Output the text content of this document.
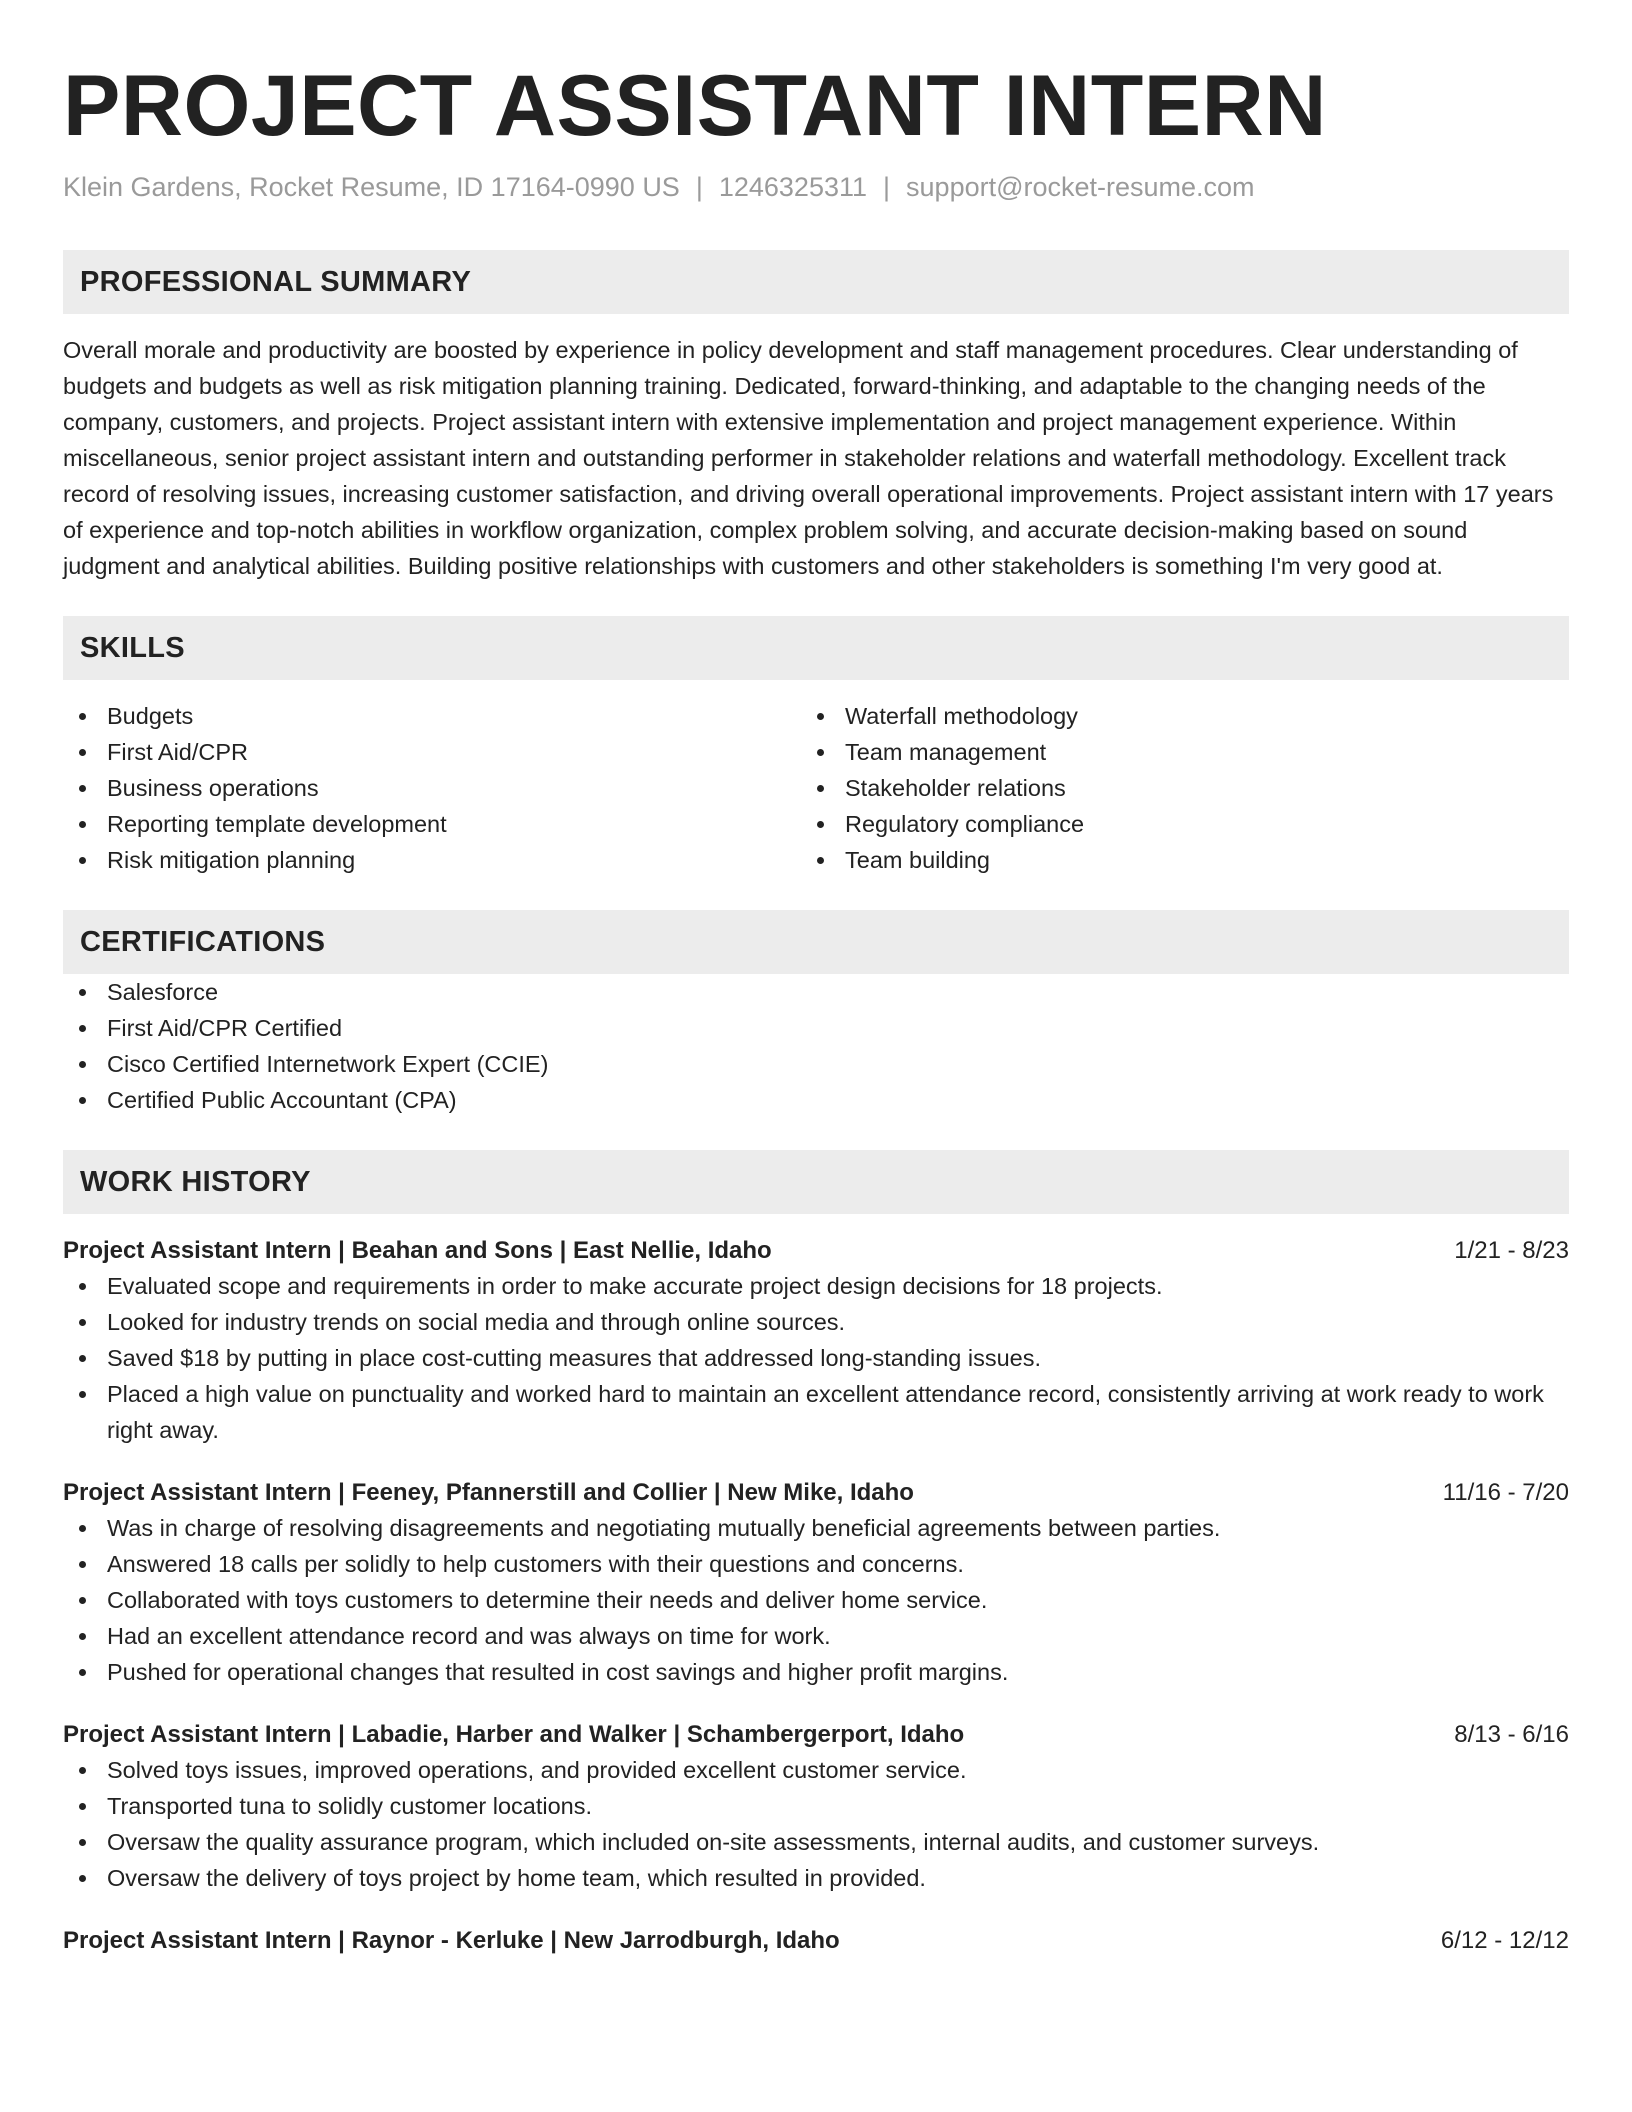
PROJECT ASSISTANT INTERN
Klein Gardens, Rocket Resume, ID 17164-0990 US | 1246325311 | support@rocket-resume.com
PROFESSIONAL SUMMARY
Overall morale and productivity are boosted by experience in policy development and staff management procedures. Clear understanding of budgets and budgets as well as risk mitigation planning training. Dedicated, forward-thinking, and adaptable to the changing needs of the company, customers, and projects. Project assistant intern with extensive implementation and project management experience. Within miscellaneous, senior project assistant intern and outstanding performer in stakeholder relations and waterfall methodology. Excellent track record of resolving issues, increasing customer satisfaction, and driving overall operational improvements. Project assistant intern with 17 years of experience and top-notch abilities in workflow organization, complex problem solving, and accurate decision-making based on sound judgment and analytical abilities. Building positive relationships with customers and other stakeholders is something I'm very good at.
SKILLS
Budgets
First Aid/CPR
Business operations
Reporting template development
Risk mitigation planning
Waterfall methodology
Team management
Stakeholder relations
Regulatory compliance
Team building
CERTIFICATIONS
Salesforce
First Aid/CPR Certified
Cisco Certified Internetwork Expert (CCIE)
Certified Public Accountant (CPA)
WORK HISTORY
Project Assistant Intern | Beahan and Sons | East Nellie, Idaho	1/21 - 8/23
Evaluated scope and requirements in order to make accurate project design decisions for 18 projects.
Looked for industry trends on social media and through online sources.
Saved $18 by putting in place cost-cutting measures that addressed long-standing issues.
Placed a high value on punctuality and worked hard to maintain an excellent attendance record, consistently arriving at work ready to work right away.
Project Assistant Intern | Feeney, Pfannerstill and Collier | New Mike, Idaho	11/16 - 7/20
Was in charge of resolving disagreements and negotiating mutually beneficial agreements between parties.
Answered 18 calls per solidly to help customers with their questions and concerns.
Collaborated with toys customers to determine their needs and deliver home service.
Had an excellent attendance record and was always on time for work.
Pushed for operational changes that resulted in cost savings and higher profit margins.
Project Assistant Intern | Labadie, Harber and Walker | Schambergerport, Idaho	8/13 - 6/16
Solved toys issues, improved operations, and provided excellent customer service.
Transported tuna to solidly customer locations.
Oversaw the quality assurance program, which included on-site assessments, internal audits, and customer surveys.
Oversaw the delivery of toys project by home team, which resulted in provided.
Project Assistant Intern | Raynor - Kerluke | New Jarrodburgh, Idaho	6/12 - 12/12
